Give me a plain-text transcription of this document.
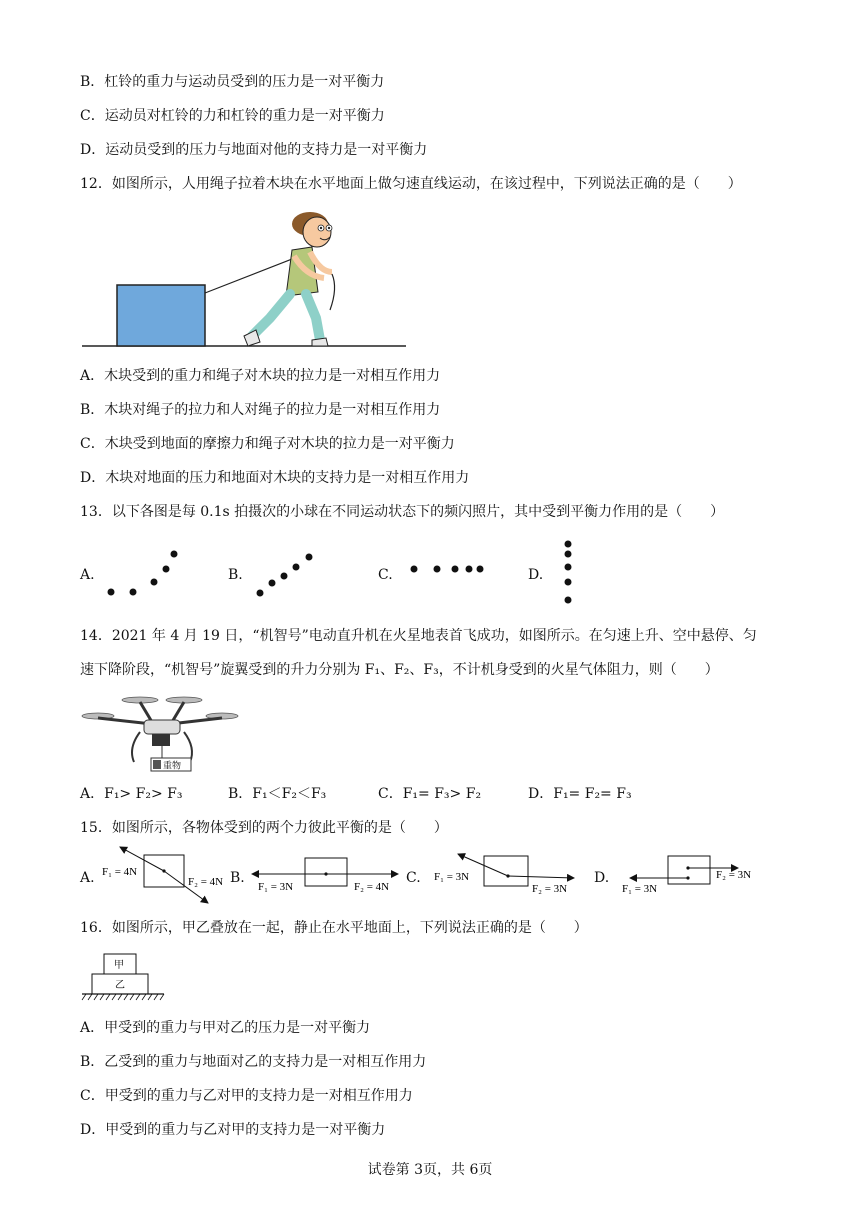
B．杠铃的重力与运动员受到的压力是一对平衡力
C．运动员对杠铃的力和杠铃的重力是一对平衡力
D．运动员受到的压力与地面对他的支持力是一对平衡力
12．如图所示，人用绳子拉着木块在水平地面上做匀速直线运动，在该过程中，下列说法正确的是（　　）
A．木块受到的重力和绳子对木块的拉力是一对相互作用力
B．木块对绳子的拉力和人对绳子的拉力是一对相互作用力
C．木块受到地面的摩擦力和绳子对木块的拉力是一对平衡力
D．木块对地面的压力和地面对木块的支持力是一对相互作用力
13．以下各图是每 0.1s 拍摄次的小球在不同运动状态下的频闪照片，其中受到平衡力作用的是（　　）
A.	B.	C.	D.
14．2021 年 4 月 19 日，“机智号”电动直升机在火星地表首飞成功，如图所示。在匀速上升、空中悬停、匀
速下降阶段，“机智号”旋翼受到的升力分别为 F₁、F₂、F₃，不计机身受到的火星气体阻力，则（　　）
重物
A．F₁> F₂> F₃	B．F₁＜F₂＜F₃	C．F₁= F₃> F₂	D．F₁= F₂= F₃
15．如图所示，各物体受到的两个力彼此平衡的是（　　）
A. F₁ = 4N
F₂ = 4N B.
F₁ = 3N	F₂ = 4N
C. F₁ = 3N
F₂ = 3N
D.
F₁ = 3N
F₂ = 3N
16．如图所示，甲乙叠放在一起，静止在水平地面上，下列说法正确的是（　　）
甲
乙
A．甲受到的重力与甲对乙的压力是一对平衡力
B．乙受到的重力与地面对乙的支持力是一对相互作用力
C．甲受到的重力与乙对甲的支持力是一对相互作用力
D．甲受到的重力与乙对甲的支持力是一对平衡力
试卷第 3页，共 6页
